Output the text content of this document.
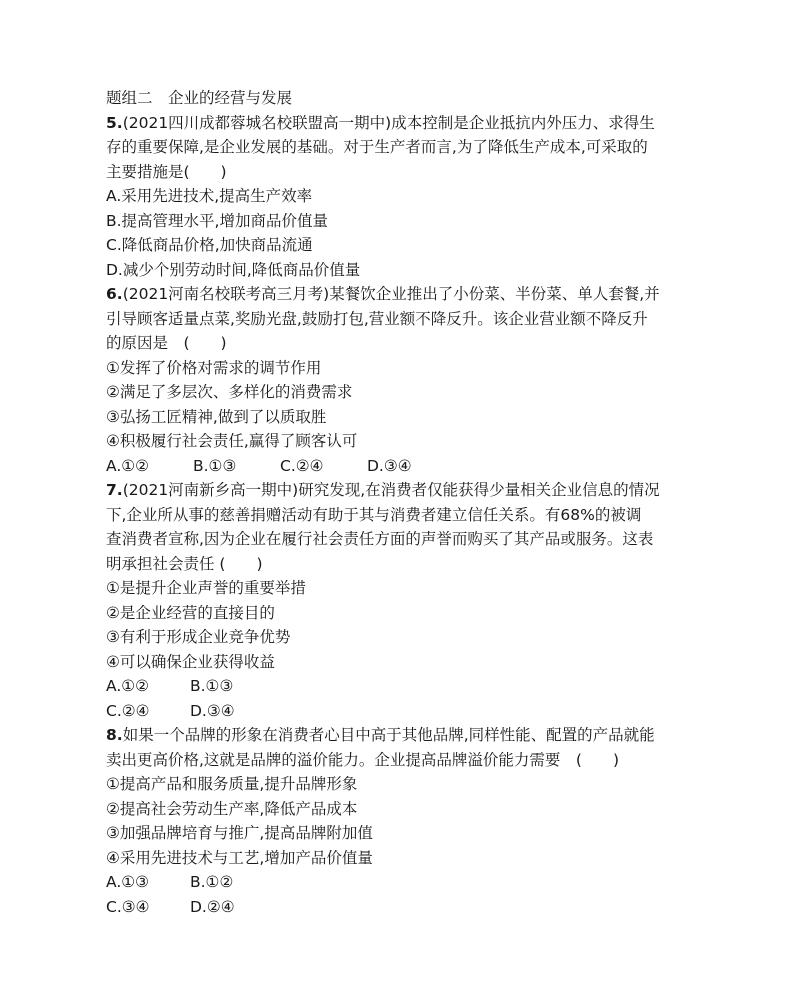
题组二　企业的经营与发展
5.(2021四川成都蓉城名校联盟高一期中)成本控制是企业抵抗内外压力、求得生
存的重要保障,是企业发展的基础。对于生产者而言,为了降低生产成本,可采取的
主要措施是(　　)
A.采用先进技术,提高生产效率
B.提高管理水平,增加商品价值量
C.降低商品价格,加快商品流通
D.减少个别劳动时间,降低商品价值量
6.(2021河南名校联考高三月考)某餐饮企业推出了小份菜、半份菜、单人套餐,并
引导顾客适量点菜,奖励光盘,鼓励打包,营业额不降反升。该企业营业额不降反升
的原因是　(　　)
①发挥了价格对需求的调节作用
②满足了多层次、多样化的消费需求
③弘扬工匠精神,做到了以质取胜
④积极履行社会责任,赢得了顾客认可
A.①②	B.①③	C.②④	D.③④
7.(2021河南新乡高一期中)研究发现,在消费者仅能获得少量相关企业信息的情况
下,企业所从事的慈善捐赠活动有助于其与消费者建立信任关系。有68%的被调
查消费者宣称,因为企业在履行社会责任方面的声誉而购买了其产品或服务。这表
明承担社会责任 (　　)
①是提升企业声誉的重要举措
②是企业经营的直接目的
③有利于形成企业竞争优势
④可以确保企业获得收益
A.①②	B.①③
C.②④	D.③④
8.如果一个品牌的形象在消费者心目中高于其他品牌,同样性能、配置的产品就能
卖出更高价格,这就是品牌的溢价能力。企业提高品牌溢价能力需要　(　　)
①提高产品和服务质量,提升品牌形象
②提高社会劳动生产率,降低产品成本
③加强品牌培育与推广,提高品牌附加值
④采用先进技术与工艺,增加产品价值量
A.①③	B.①②
C.③④	D.②④
